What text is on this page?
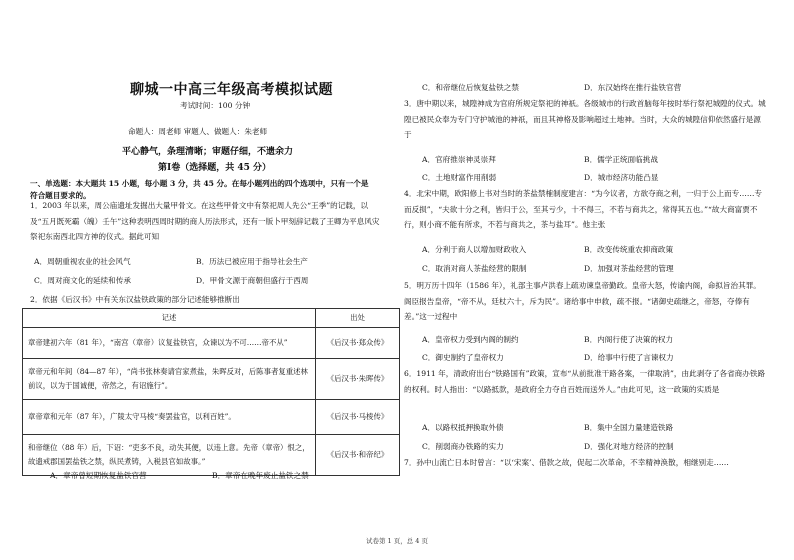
聊城一中高三年级高考模拟试题
考试时间：100 分钟
命题人：周老师 审题人、做题人：朱老师
平心静气，条理清晰；审题仔细，不遗余力
第Ⅰ卷（选择题，共 45 分）
一、单选题：本大题共 15 小题，每小题 3 分，共 45 分。在每小题列出的四个选项中，只有一个是
符合题目要求的。
1．2003 年以来，周公庙遗址发掘出大量甲骨文。在这些甲骨文中有祭祀周人先公“王季”的记载，以及“五月既死霸（魄）壬午”这种表明西周时期的商人历法形式，还有一版卜甲刻辞记载了王卿为平息风灾祭祀东南西北四方神的仪式。据此可知
A．周朝重视农业的社会风气	B．历法已被应用于指导社会生产
C．周对商文化的延续和传承	D．甲骨文源于商朝但盛行于西周
2．依据《后汉书》中有关东汉盐铁政策的部分记述能够推断出
记述	出处
章帝建初六年（81 年），“南宫（章帝）议复盐铁官，众谏以为不可……帝不从”	《后汉书·郑众传》
章帝元和年间（84—87 年），“尚书张林奏请官家煮盐，朱晖反对，后陈事者复重述林前议，以为于国诚便，帝然之，有诏施行”。	《后汉书·朱晖传》
章帝章和元年（87 年），广陵太守马棱“奏罢盐官，以利百姓”。	《后汉书·马棱传》
和帝继位（88 年）后，下诏：“吏多不良，动失其便，以违上意。先帝（章帝）恨之，故遗戒郡国罢盐铁之禁，纵民煮铸，入税县官如故事。”	《后汉书·和帝纪》
A．章帝曾短期恢复盐铁官营	B．章帝在晚年废止盐铁之禁
C．和帝继位后恢复盐铁之禁	D．东汉始终在推行盐铁官营
3．唐中期以来，城隍神成为官府所规定祭祀的神祇。各级城市的行政首脑每年按时举行祭祀城隍的仪式。城隍已被民众奉为专门守护城池的神祇，而且其神格及影响超过土地神。当时，大众的城隍信仰依然盛行是源于
A．官府推崇神灵崇拜	B．儒学正统面临挑战
C．土地财富作用削弱	D．城市经济功能凸显
4．北宋中期，欧阳修上书对当时的茶盐禁榷制度建言：“为今议者，方欲夺商之利，一归于公上而专……专而反损”，“夫欲十分之利，皆归于公，至其亏少，十不得三，不若与商共之，常得其五也。”“故大商富贾不行，则小商不能有所求，不若与商共之，茶与盐耳”。他主张
A．分利于商人以增加财政收入	B．改变传统重农抑商政策
C．取消对商人茶盐经营的限制	D．加强对茶盐经营的管理
5．明万历十四年（1586 年），礼部主事卢洪春上疏劝谏皇帝勤政。皇帝大怒，传谕内阁，命拟旨治其罪。阁臣报告皇帝，“帝不从，廷杖六十，斥为民”。诸给事中申救，疏不报。“诸御史疏继之，帝怒，夺俸有差。”这一过程中
A．皇帝权力受到内阁的制约	B．内阁行使了决策的权力
C．御史制约了皇帝权力	D．给事中行使了言谏权力
6．1911 年，清政府出台“铁路国有”政策，宣布“从前批准干路各案，一律取消”，由此剥夺了各省商办铁路的权利。时人指出：“以路抵款，是政府全力夺自百姓而送外人。”由此可见，这一政策的实质是
A．以路权抵押换取外债	B．集中全国力量建造铁路
C．削弱商办铁路的实力	D．强化对地方经济的控制
7．孙中山流亡日本时曾言：“以‘宋案’、借款之故，促起二次革命，不幸精神涣散，相继别走……
试卷第 1 页，总 4 页
